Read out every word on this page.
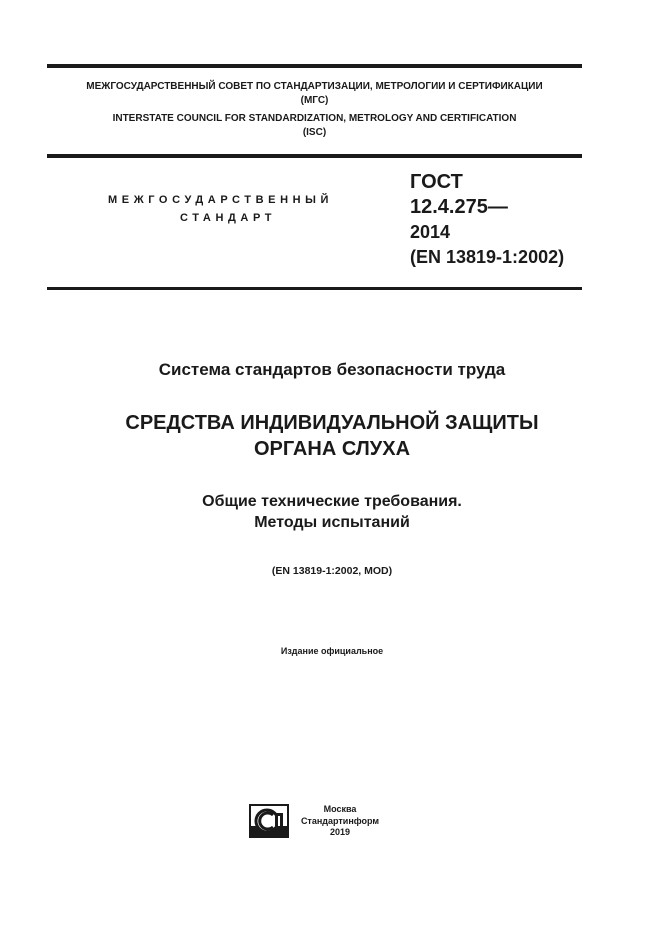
МЕЖГОСУДАРСТВЕННЫЙ СОВЕТ ПО СТАНДАРТИЗАЦИИ, МЕТРОЛОГИИ И СЕРТИФИКАЦИИ
(МГС)
INTERSTATE COUNCIL FOR STANDARDIZATION, METROLOGY AND CERTIFICATION
(ISC)
МЕЖГОСУДАРСТВЕННЫЙ
СТАНДАРТ
ГОСТ
12.4.275—
2014
(EN 13819-1:2002)
Система стандартов безопасности труда
СРЕДСТВА ИНДИВИДУАЛЬНОЙ ЗАЩИТЫ
ОРГАНА СЛУХА
Общие технические требования.
Методы испытаний
(EN 13819-1:2002, MOD)
Издание официальное
Москва
Стандартинформ
2019
